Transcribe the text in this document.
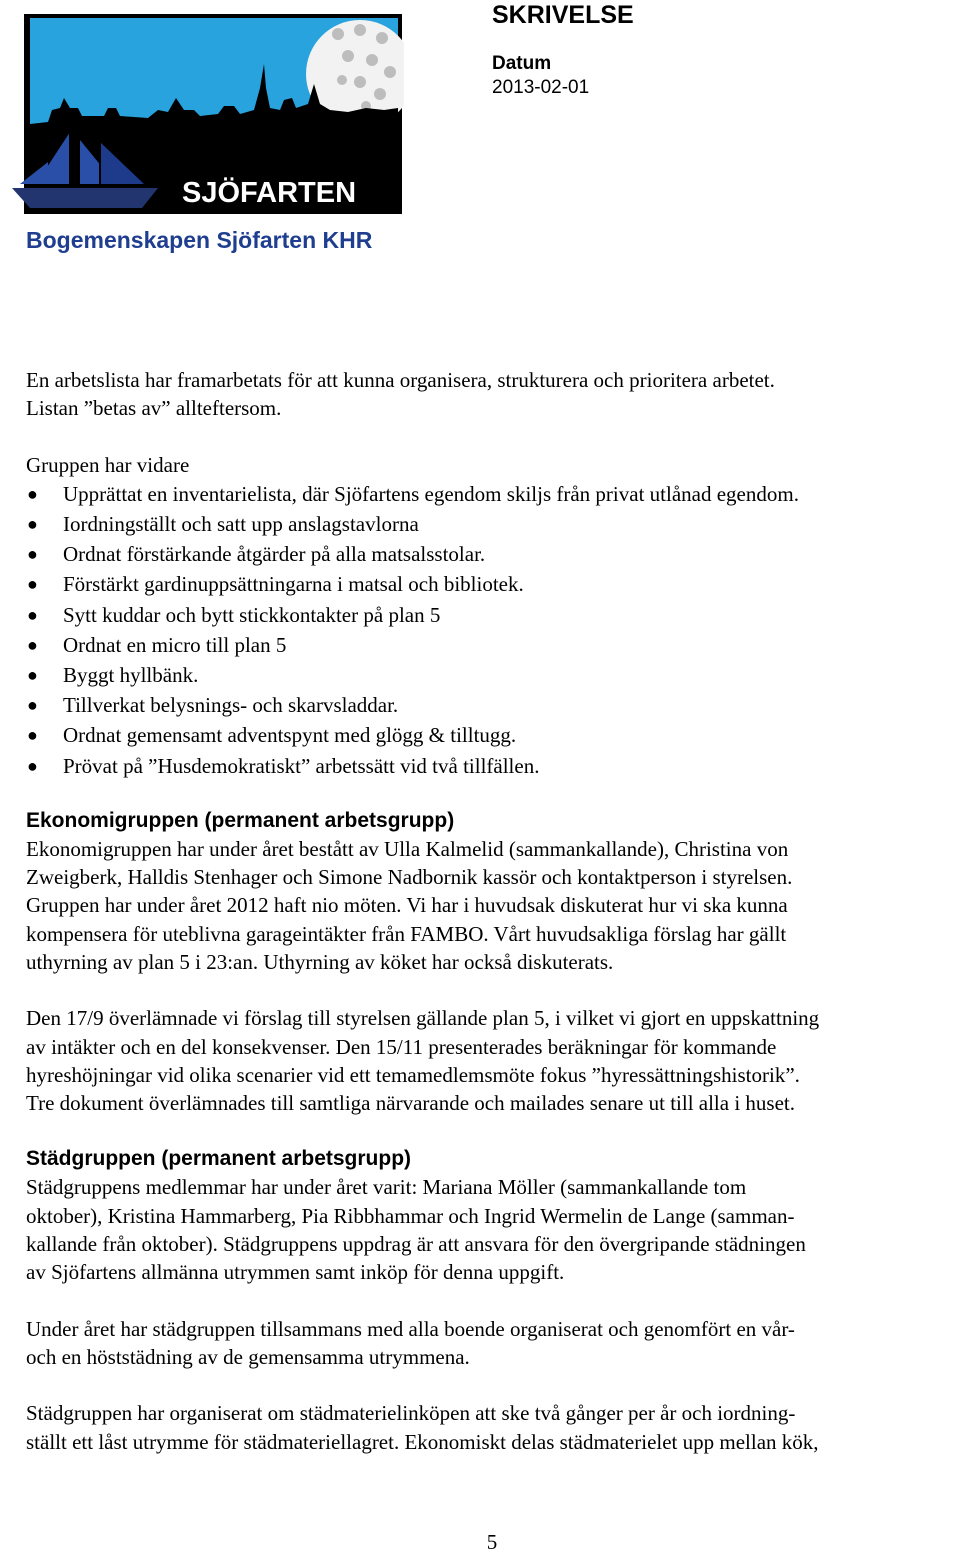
SJÖFARTEN
SKRIVELSE
Datum
2013-02-01
Bogemenskapen Sjöfarten KHR

En arbetslista har framarbetats för att kunna organisera, strukturera och prioritera arbetet.

Listan ”betas av” allteftersom.

Gruppen har vidare

● Upprättat en inventarielista, där Sjöfartens egendom skiljs från privat utlånad egendom.
● Iordningställt och satt upp anslagstavlorna
● Ordnat förstärkande åtgärder på alla matsalsstolar.
● Förstärkt gardinuppsättningarna i matsal och bibliotek.
● Sytt kuddar och bytt stickkontakter på plan 5
● Ordnat en micro till plan 5
● Byggt hyllbänk.
● Tillverkat belysnings- och skarvsladdar.
● Ordnat gemensamt adventspynt med glögg & tilltugg.
● Prövat på ”Husdemokratiskt” arbetssätt vid två tillfällen.
Ekonomigruppen (permanent arbetsgrupp)

Ekonomigruppen har under året bestått av Ulla Kalmelid (sammankallande), Christina von

Zweigberk, Halldis Stenhager och Simone Nadbornik kassör och kontaktperson i styrelsen.

Gruppen har under året 2012 haft nio möten. Vi har i huvudsak diskuterat hur vi ska kunna

kompensera för uteblivna garageintäkter från FAMBO. Vårt huvudsakliga förslag har gällt

uthyrning av plan 5 i 23:an. Uthyrning av köket har också diskuterats.

Den 17/9 överlämnade vi förslag till styrelsen gällande plan 5, i vilket vi gjort en uppskattning

av intäkter och en del konsekvenser. Den 15/11 presenterades beräkningar för kommande

hyreshöjningar vid olika scenarier vid ett temamedlemsmöte fokus ”hyressättningshistorik”.

Tre dokument överlämnades till samtliga närvarande och mailades senare ut till alla i huset.

Städgruppen (permanent arbetsgrupp)

Städgruppens medlemmar har under året varit: Mariana Möller (sammankallande tom

oktober), Kristina Hammarberg, Pia Ribbhammar och Ingrid Wermelin de Lange (samman-

kallande från oktober). Städgruppens uppdrag är att ansvara för den övergripande städningen

av Sjöfartens allmänna utrymmen samt inköp för denna uppgift.

Under året har städgruppen tillsammans med alla boende organiserat och genomfört en vår-

och en höststädning av de gemensamma utrymmena.

Städgruppen har organiserat om städmaterielinköpen att ske två gånger per år och iordning-

ställt ett låst utrymme för städmateriellagret. Ekonomiskt delas städmaterielet upp mellan kök,

5
